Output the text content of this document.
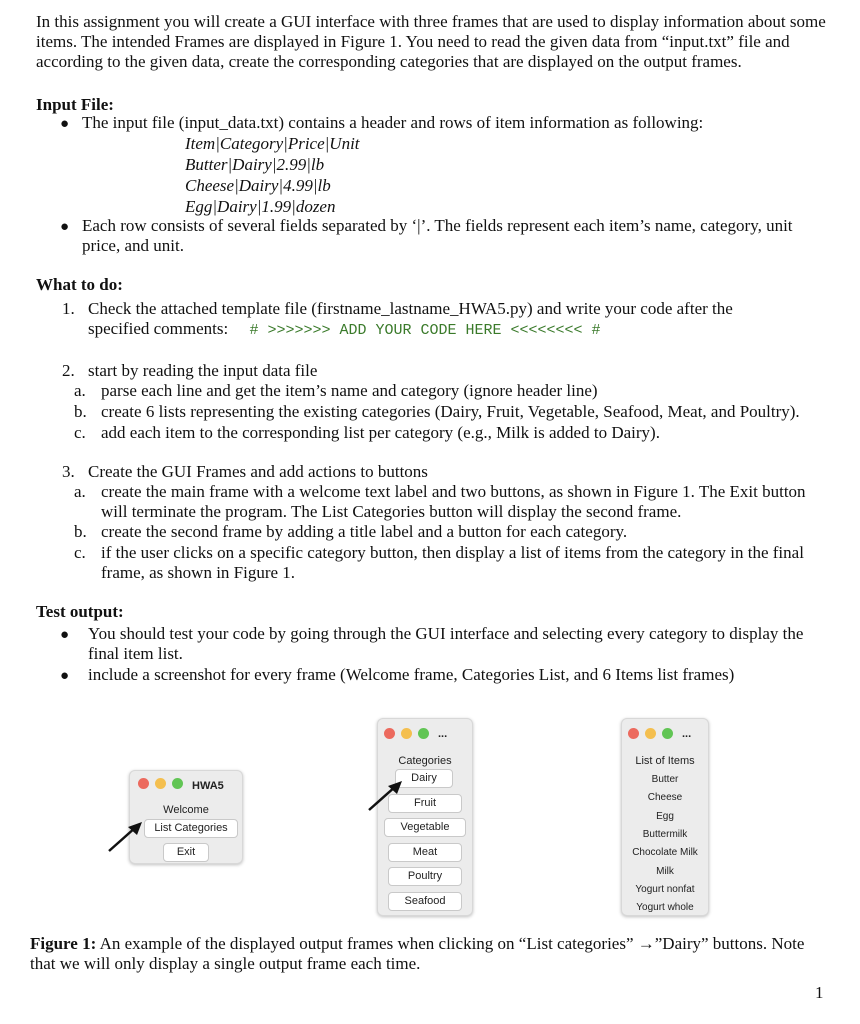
In this assignment you will create a GUI interface with three frames that are used to display information about some items. The intended Frames are displayed in Figure 1. You need to read the given data from “input.txt” file and according to the given data, create the corresponding categories that are displayed on the output frames.
Input File:
● The input file (input_data.txt) contains a header and rows of item information as following:
Item|Category|Price|Unit
Butter|Dairy|2.99|lb
Cheese|Dairy|4.99|lb
Egg|Dairy|1.99|dozen
● Each row consists of several fields separated by ‘|’. The fields represent each item’s name, category, unit price, and unit.
What to do:
1. Check the attached template file (firstname_lastname_HWA5.py) and write your code after the specified comments: # >>>>>>> ADD YOUR CODE HERE <<<<<<<< #
2. start by reading the input data file
a. parse each line and get the item’s name and category (ignore header line)
b. create 6 lists representing the existing categories (Dairy, Fruit, Vegetable, Seafood, Meat, and Poultry).
c. add each item to the corresponding list per category (e.g., Milk is added to Dairy).
3. Create the GUI Frames and add actions to buttons
a. create the main frame with a welcome text label and two buttons, as shown in Figure 1. The Exit button will terminate the program. The List Categories button will display the second frame.
b. create the second frame by adding a title label and a button for each category.
c. if the user clicks on a specific category button, then display a list of items from the category in the final frame, as shown in Figure 1.
Test output:
● You should test your code by going through the GUI interface and selecting every category to display the final item list.
● include a screenshot for every frame (Welcome frame, Categories List, and 6 Items list frames)
HWA5
Welcome
List Categories
Exit
...
Categories
Dairy
Fruit
Vegetable
Meat
Poultry
Seafood
...
List of Items
Butter
Cheese
Egg
Buttermilk
Chocolate Milk
Milk
Yogurt nonfat
Yogurt whole
Figure 1: An example of the displayed output frames when clicking on “List categories” →”Dairy” buttons. Note that we will only display a single output frame each time.
1
